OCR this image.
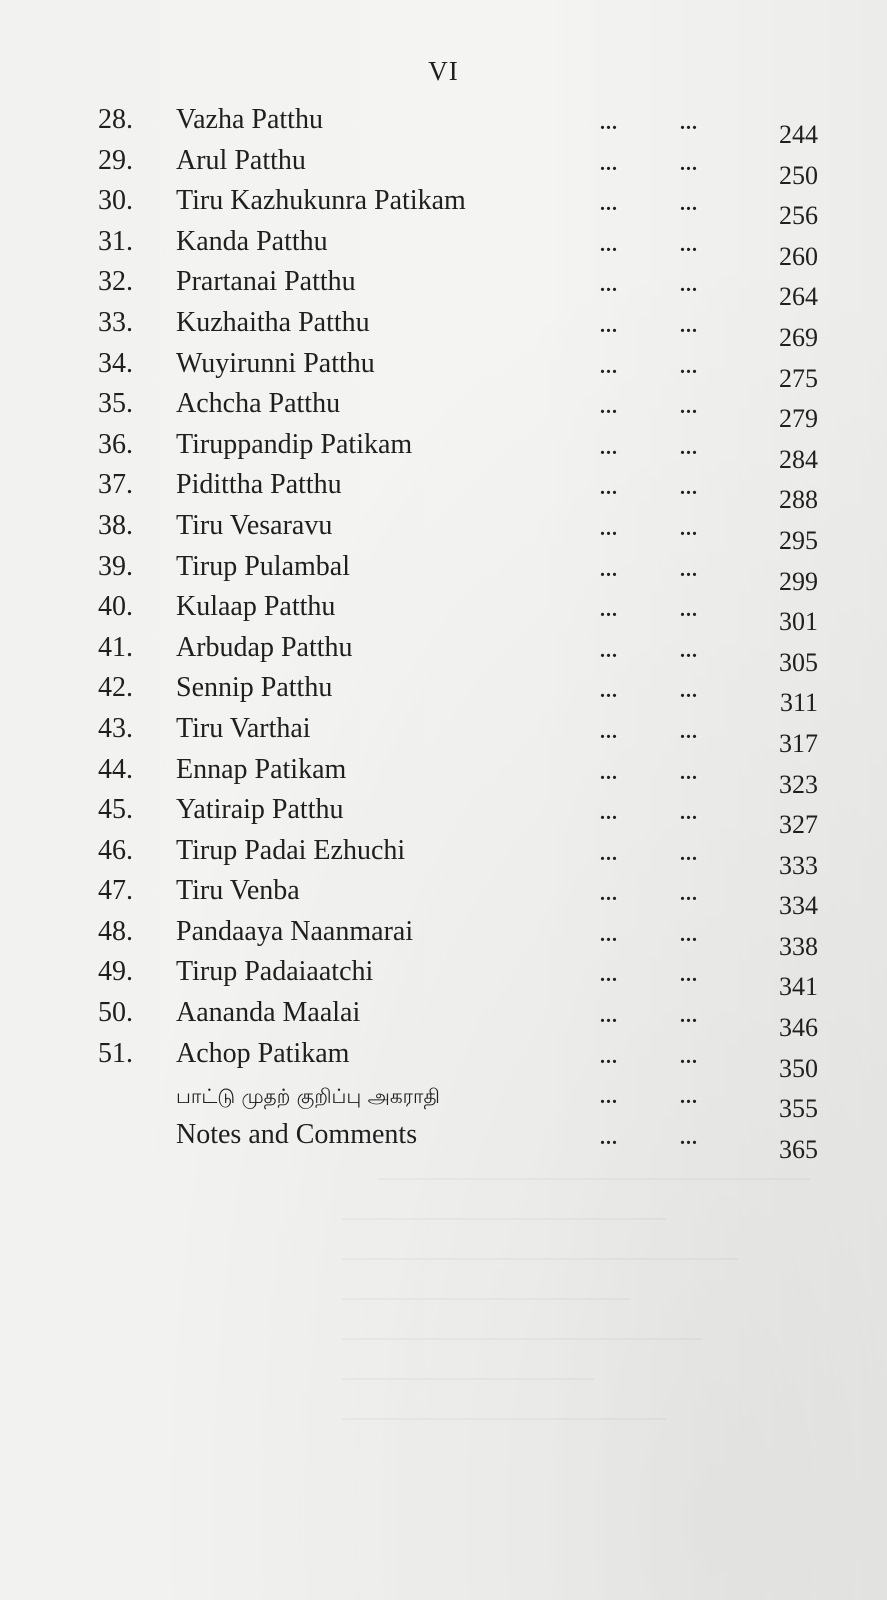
VI
28.	Vazha Patthu	...	...	244
29.	Arul Patthu	...	...	250
30.	Tiru Kazhukunra Patikam	...	...	256
31.	Kanda Patthu	...	...	260
32.	Prartanai Patthu	...	...	264
33.	Kuzhaitha Patthu	...	...	269
34.	Wuyirunni Patthu	...	...	275
35.	Achcha Patthu	...	...	279
36.	Tiruppandip Patikam	...	...	284
37.	Pidittha Patthu	...	...	288
38.	Tiru Vesaravu	...	...	295
39.	Tirup Pulambal	...	...	299
40.	Kulaap Patthu	...	...	301
41.	Arbudap Patthu	...	...	305
42.	Sennip Patthu	...	...	311
43.	Tiru Varthai	...	...	317
44.	Ennap Patikam	...	...	323
45.	Yatiraip Patthu	...	...	327
46.	Tirup Padai Ezhuchi	...	...	333
47.	Tiru Venba	...	...	334
48.	Pandaaya Naanmarai	...	...	338
49.	Tirup Padaiaatchi	...	...	341
50.	Aananda Maalai	...	...	346
51.	Achop Patikam	...	...	350
பாட்டு முதற் குறிப்பு அகராதி	...	...	355
Notes and Comments	...	...	365
